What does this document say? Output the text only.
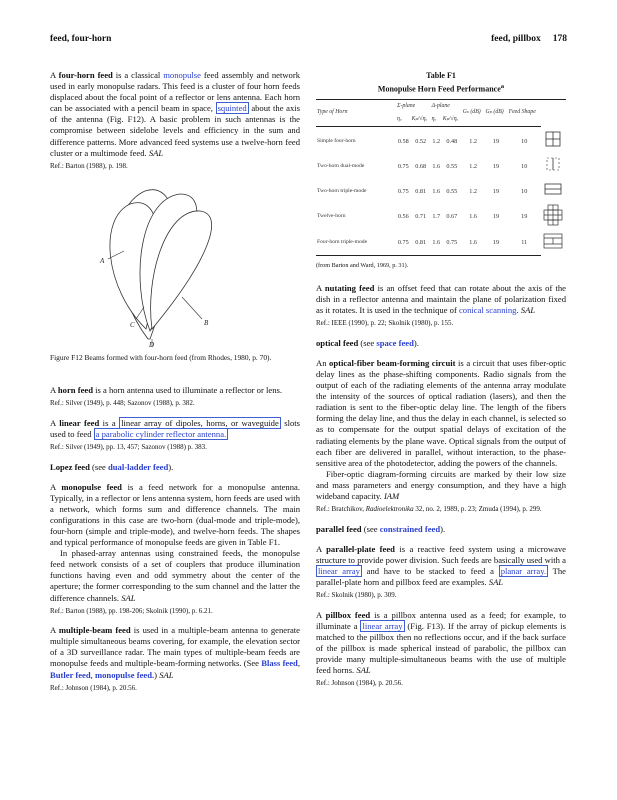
feed, four-horn	feed, pillbox 178

A four-horn feed is a classical monopulse feed assembly and network used in early monopulse radars. This feed is a cluster of four horn feeds displaced about the focal point of a reflector or lens antenna. Each horn can be associated with a pencil beam in space, squinted about the axis of the antenna (Fig. F12). A basic problem in such antennas is the compromise between sidelobe levels and efficiency in the sum and difference patterns. More advanced feed systems use a twelve-horn feed cluster or a multimode feed. SAL

Ref.: Barton (1988), p. 198.

A
B
C
D

Figure F12 Beams formed with four-horn feed (from Rhodes, 1980, p. 70).

A horn feed is a horn antenna used to illuminate a reflector or lens.

Ref.: Silver (1949), p. 448; Sazonov (1988), p. 382.

A linear feed is a linear array of dipoles, horns, or waveguide slots used to feed a parabolic cylinder reflector antenna.

Ref.: Silver (1949), pp. 13, 457; Sazonov (1988) p. 383.

Lopez feed (see dual-ladder feed).

A monopulse feed is a feed network for a monopulse antenna. Typically, in a reflector or lens antenna system, horn feeds are used with a network, which forms sum and difference channels. The main configurations in this case are two-horn (dual-mode and triple-mode), four-horn (simple and triple-mode), and twelve-horn feeds. The shapes and typical performance of monopulse feeds are given in Table F1.

In phased-array antennas using constrained feeds, the monopulse feed network consists of a set of couplers that produce illumination functions having even and odd symmetry about the center of the aperture; the former corresponding to the sum channel and the latter the difference channels. SAL

Ref.: Barton (1988), pp. 198-206; Skolnik (1990), p. 6.21.

A multiple-beam feed is used in a multiple-beam antenna to generate multiple simultaneous beams covering, for example, the elevation sector of a 3D surveillance radar. The main types of multiple-beam feeds are monopulse feeds and multiple-beam-forming networks. (See Blass feed, Butler feed, monopulse feed.) SAL

Ref.: Johnson (1984), p. 20.56.

Table F1
Monopulse Horn Feed Performance$^a$
Type of Horn	Σ-plane		Δ-plane		Gₛ (dB)	Gₚ (dB)	Feed Shape	
	ηₐ	Kₚ/√ηₐ	ηₐ	Kₚ/√ηₐ				

Simple four-horn	0.58	0.52	1.2	0.48	1.2	19	10	
Two-horn dual-mode	0.75	0.68	1.6	0.55	1.2	19	10	
Two-horn triple-mode	0.75	0.81	1.6	0.55	1.2	19	10	
Twelve-horn	0.56	0.71	1.7	0.67	1.6	19	19	
Four-horn triple-mode	0.75	0.81	1.6	0.75	1.6	19	11	

(from Barton and Ward, 1969, p. 31).

A nutating feed is an offset feed that can rotate about the axis of the dish in a reflector antenna and maintain the plane of polarization fixed as it rotates. It is used in the technique of conical scanning. SAL

Ref.: IEEE (1990), p. 22; Skolnik (1980), p. 155.

optical feed (see space feed).

An optical-fiber beam-forming circuit is a circuit that uses fiber-optic delay lines as the phase-shifting components. Radio signals from the output of each of the radiating elements of the antenna array modulate the intensity of the sources of optical radiation (lasers), and then the radiation is sent to the fiber-optic delay line. The length of the fibers forming the delay line, and thus the delay in each channel, is selected so as to compensate for the output spatial delays of excitation of the radiating elements by the plane wave. Optical signals from the output of each fiber are delivered in parallel, without interaction, to the phase-sensitive area of the photodetector, adding the powers of the channels.

Fiber-optic diagram-forming circuits are marked by their low size and mass parameters and energy consumption, and they have a high wideband capacity. IAM

Ref.: Bratchikov, Radioelektronika 32, no. 2, 1989, p. 23; Zmuda (1994), p. 299.

parallel feed (see constrained feed).

A parallel-plate feed is a reactive feed system using a microwave structure to provide power division. Such feeds are basically used with a linear array and have to be stacked to feed a planar array. The parallel-plate horn and pillbox feed are examples. SAL

Ref.: Skolnik (1980), p. 309.

A pillbox feed is a pillbox antenna used as a feed; for example, to illuminate a linear array (Fig. F13). If the array of pickup elements is matched to the pillbox then no reflections occur, and if the back surface of the pillbox is made spherical instead of parabolic, the pillbox can provide many multiple-simultaneous beams with the use of multiple feed horns. SAL

Ref.: Johnson (1984), p. 20.56.
